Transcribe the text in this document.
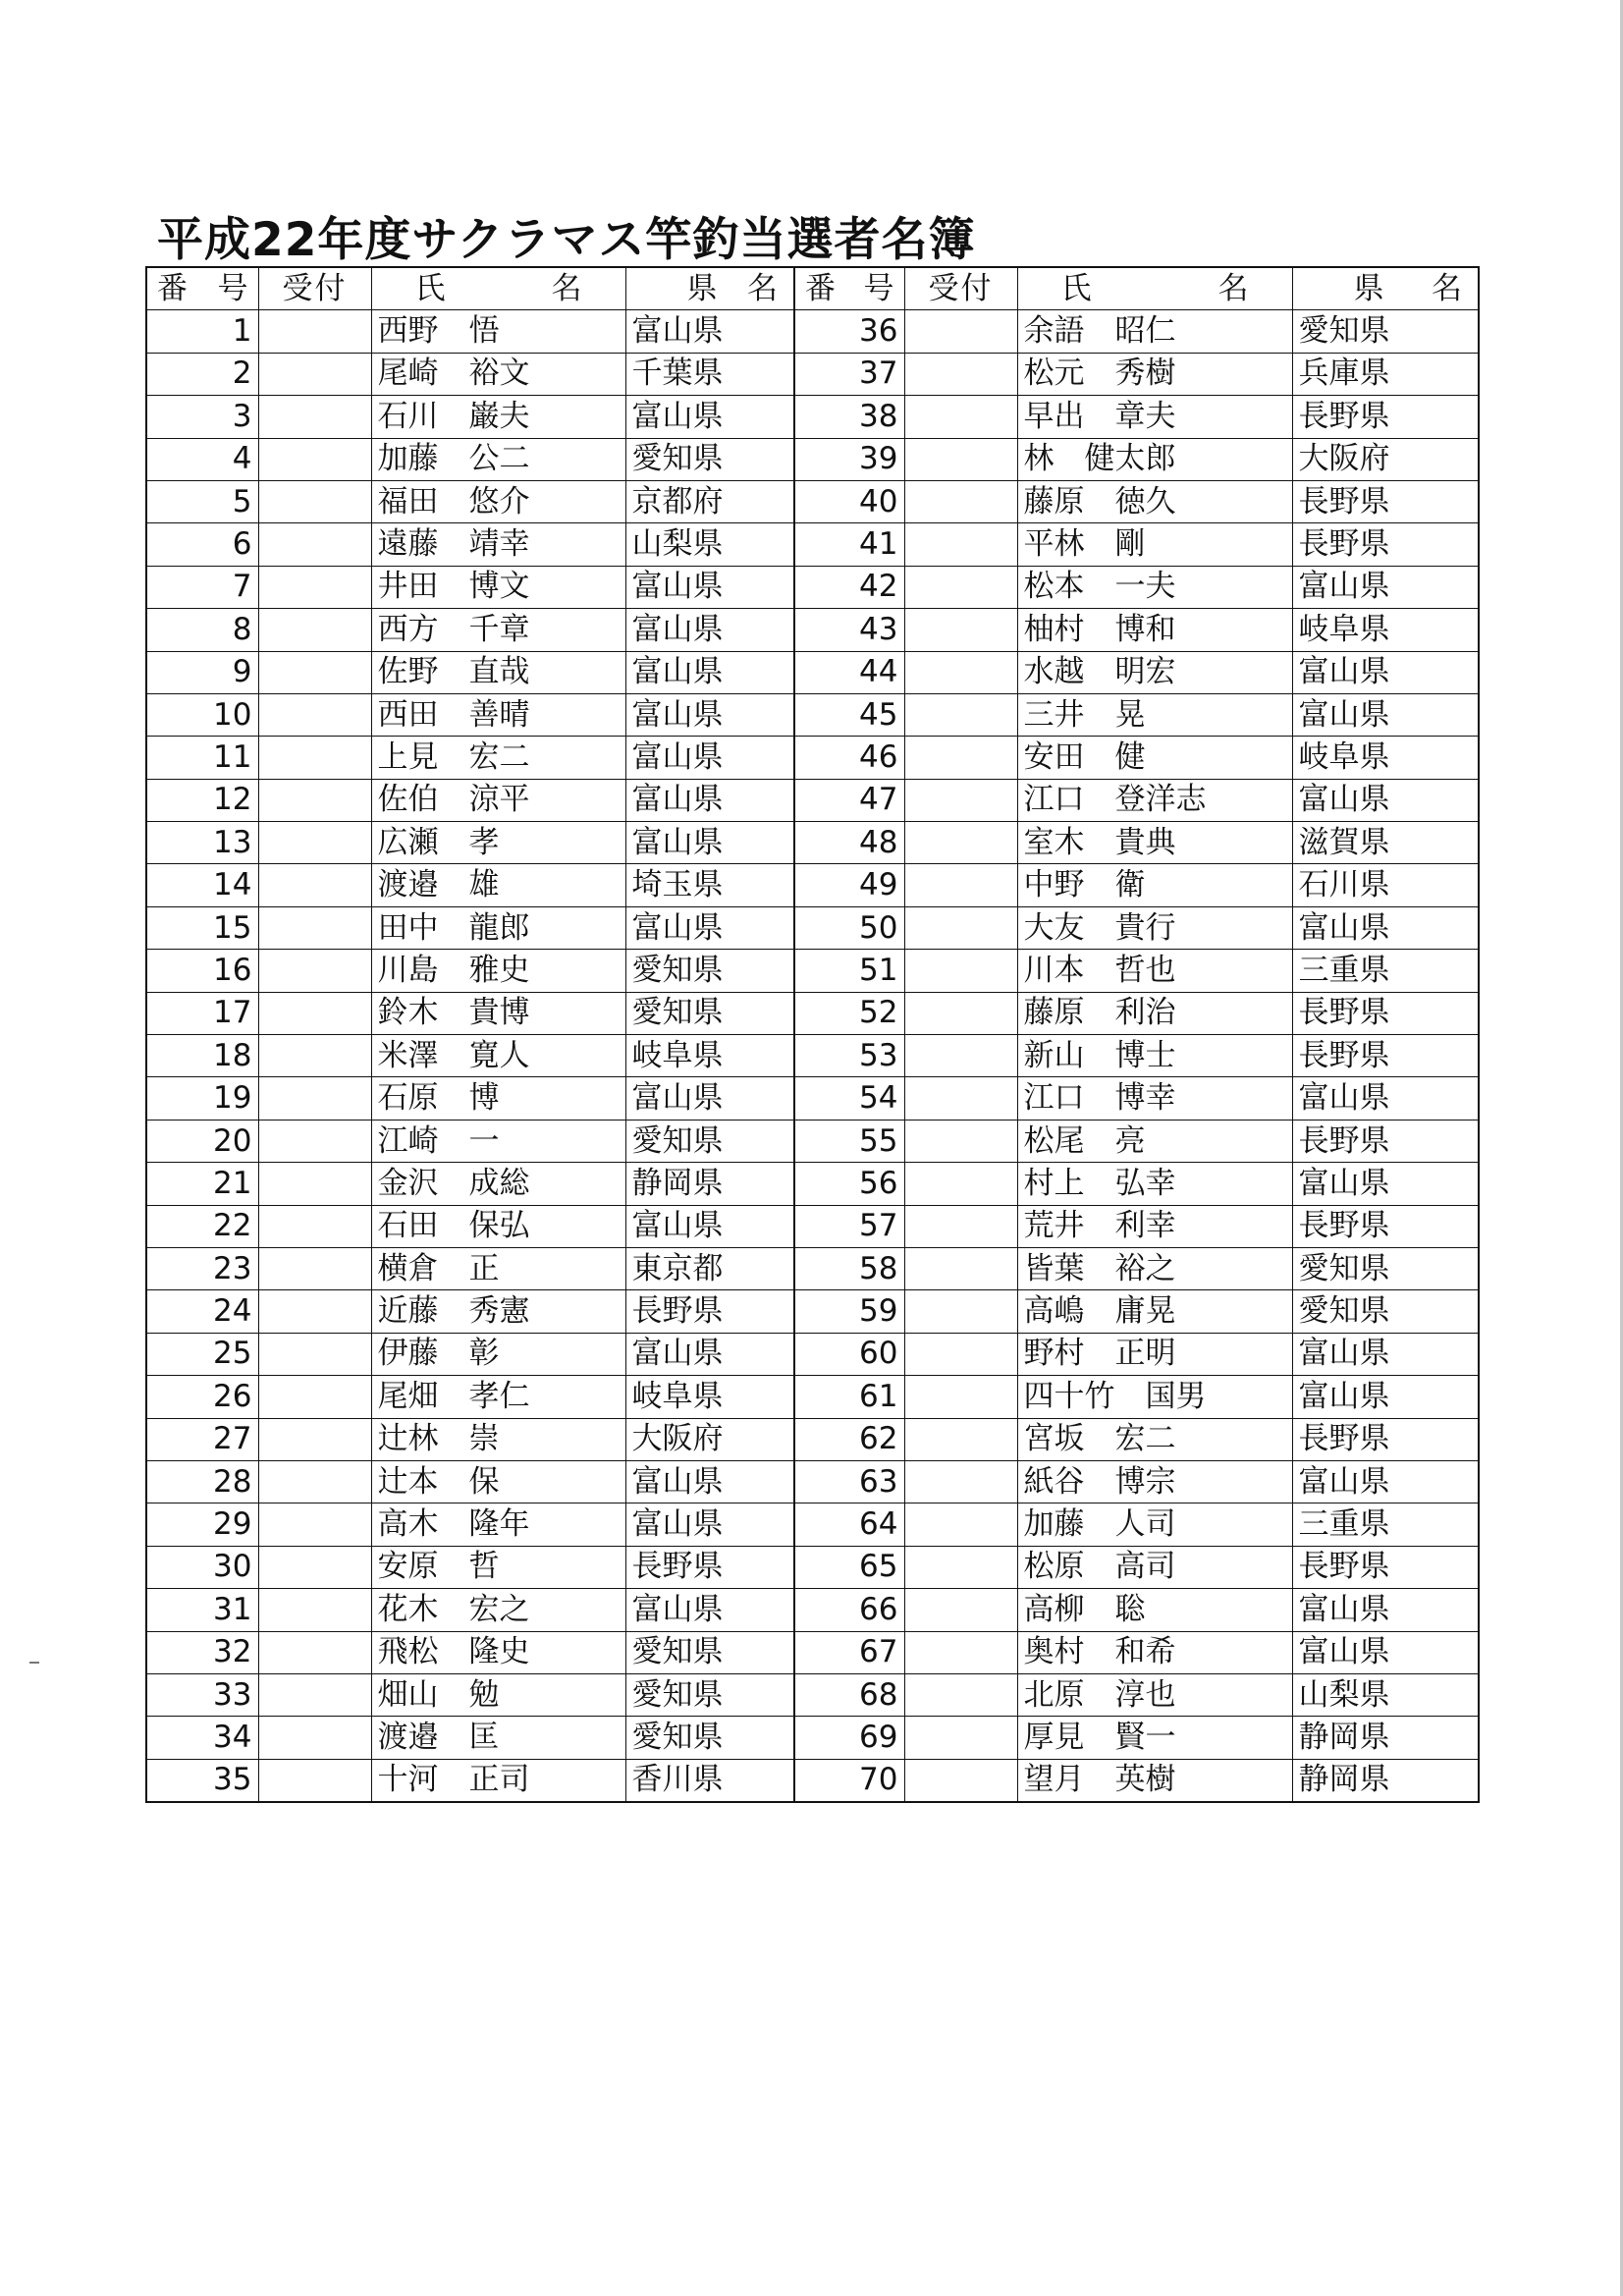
平成22年度サクラマス竿釣当選者名簿
番 号	受付	氏 名	県 名	番 号	受付	氏 名	県 名

1		西野　悟	富山県	36		余語　昭仁	愛知県
2		尾崎　裕文	千葉県	37		松元　秀樹	兵庫県
3		石川　巌夫	富山県	38		早出　章夫	長野県
4		加藤　公二	愛知県	39		林　健太郎	大阪府
5		福田　悠介	京都府	40		藤原　徳久	長野県
6		遠藤　靖幸	山梨県	41		平林　剛	長野県
7		井田　博文	富山県	42		松本　一夫	富山県
8		西方　千章	富山県	43		柚村　博和	岐阜県
9		佐野　直哉	富山県	44		水越　明宏	富山県
10		西田　善晴	富山県	45		三井　晃	富山県
11		上見　宏二	富山県	46		安田　健	岐阜県
12		佐伯　涼平	富山県	47		江口　登洋志	富山県
13		広瀬　孝	富山県	48		室木　貴典	滋賀県
14		渡邉　雄	埼玉県	49		中野　衛	石川県
15		田中　龍郎	富山県	50		大友　貴行	富山県
16		川島　雅史	愛知県	51		川本　哲也	三重県
17		鈴木　貴博	愛知県	52		藤原　利治	長野県
18		米澤　寛人	岐阜県	53		新山　博士	長野県
19		石原　博	富山県	54		江口　博幸	富山県
20		江崎　一	愛知県	55		松尾　亮	長野県
21		金沢　成総	静岡県	56		村上　弘幸	富山県
22		石田　保弘	富山県	57		荒井　利幸	長野県
23		横倉　正	東京都	58		皆葉　裕之	愛知県
24		近藤　秀憲	長野県	59		高嶋　庸晃	愛知県
25		伊藤　彰	富山県	60		野村　正明	富山県
26		尾畑　孝仁	岐阜県	61		四十竹　国男	富山県
27		辻林　崇	大阪府	62		宮坂　宏二	長野県
28		辻本　保	富山県	63		紙谷　博宗	富山県
29		高木　隆年	富山県	64		加藤　人司	三重県
30		安原　哲	長野県	65		松原　高司	長野県
31		花木　宏之	富山県	66		高柳　聡	富山県
32		飛松　隆史	愛知県	67		奥村　和希	富山県
33		畑山　勉	愛知県	68		北原　淳也	山梨県
34		渡邉　匡	愛知県	69		厚見　賢一	静岡県
35		十河　正司	香川県	70		望月　英樹	静岡県
